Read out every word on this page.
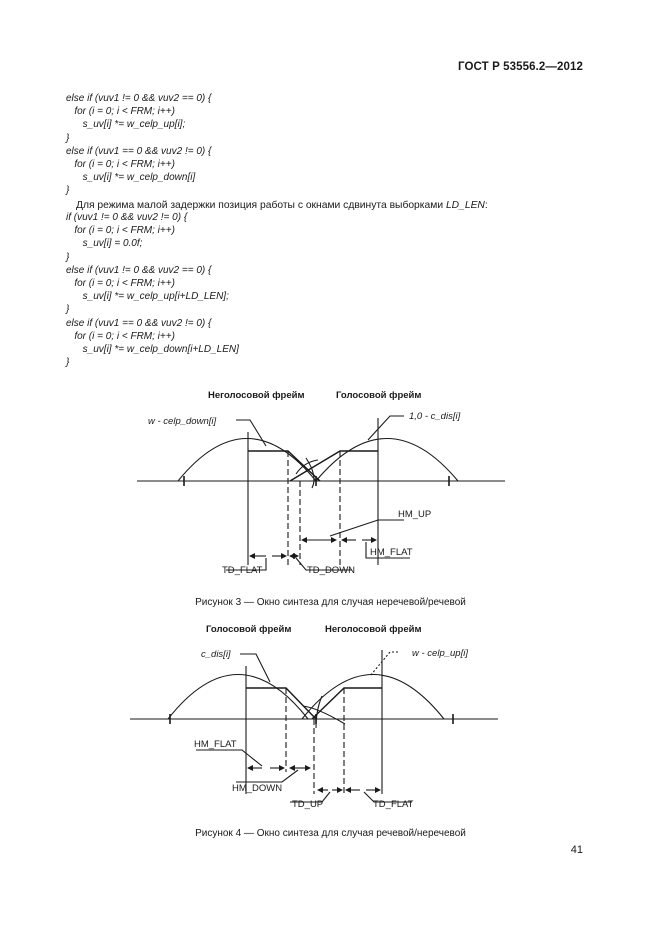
ГОСТ Р 53556.2—2012
else if (vuv1 != 0 && vuv2 == 0) {
for (i = 0; i < FRM; i++)
s_uv[i] *= w_celp_up[i];
}
else if (vuv1 == 0 && vuv2 != 0) {
for (i = 0; i < FRM; i++)
s_uv[i] *= w_celp_down[i]
}

Для режима малой задержки позиция работы с окнами сдвинута выборками LD_LEN:

if (vuv1 != 0 && vuv2 != 0) {
for (i = 0; i < FRM; i++)
s_uv[i] = 0.0f;
}
else if (vuv1 != 0 && vuv2 == 0) {
for (i = 0; i < FRM; i++)
s_uv[i] *= w_celp_up[i+LD_LEN];
}
else if (vuv1 == 0 && vuv2 != 0) {
for (i = 0; i < FRM; i++)
s_uv[i] *= w_celp_down[i+LD_LEN]
}
Неголосовой фрейм	Голосовой фрейм
w - celp_down[i]	1,0 - c_dis[i]
HM_UP
HM_FLAT
TD_FLAT	TD_DOWN
Рисунок 3 — Окно синтеза для случая неречевой/речевой
Голосовой фрейм	Неголосовой фрейм
c_dis[i]	w - celp_up[i]
HM_FLAT
HM_DOWN
TD_UP	TD_FLAT
Рисунок 4 — Окно синтеза для случая речевой/неречевой
41
